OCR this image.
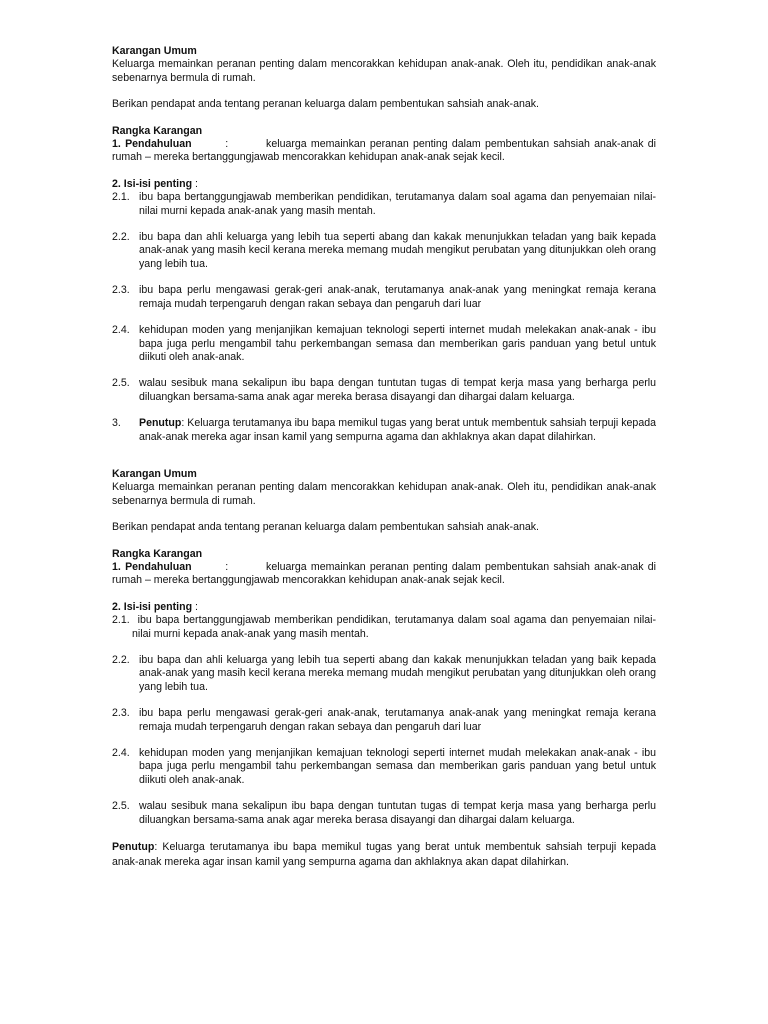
Karangan Umum

Keluarga memainkan peranan penting dalam mencorakkan kehidupan anak-anak. Oleh itu, pendidikan anak-anak sebenarnya bermula di rumah.

Berikan pendapat anda tentang peranan keluarga dalam pembentukan sahsiah anak-anak.

Rangka Karangan

1. Pendahuluan	:	keluarga memainkan peranan penting dalam pembentukan sahsiah anak-anak di rumah – mereka bertanggungjawab mencorakkan kehidupan anak-anak sejak kecil.

2. Isi-isi penting :

2.1. ibu bapa bertanggungjawab memberikan pendidikan, terutamanya dalam soal agama dan penyemaian nilai-nilai murni kepada anak-anak yang masih mentah.
2.2. ibu bapa dan ahli keluarga yang lebih tua seperti abang dan kakak menunjukkan teladan yang baik kepada anak-anak yang masih kecil kerana mereka memang mudah mengikut perubatan yang ditunjukkan oleh orang yang lebih tua.
2.3. ibu bapa perlu mengawasi gerak-geri anak-anak, terutamanya anak-anak yang meningkat remaja kerana remaja mudah terpengaruh dengan rakan sebaya dan pengaruh dari luar
2.4. kehidupan moden yang menjanjikan kemajuan teknologi seperti internet mudah melekakan anak-anak - ibu bapa juga perlu mengambil tahu perkembangan semasa dan memberikan garis panduan yang betul untuk diikuti oleh anak-anak.
2.5. walau sesibuk mana sekalipun ibu bapa dengan tuntutan tugas di tempat kerja masa yang berharga perlu diluangkan bersama-sama anak agar mereka berasa disayangi dan dihargai dalam keluarga.
3.	Penutup: Keluarga terutamanya ibu bapa memikul tugas yang berat untuk membentuk sahsiah terpuji kepada anak-anak mereka agar insan kamil yang sempurna agama dan akhlaknya akan dapat dilahirkan.

Karangan Umum

Keluarga memainkan peranan penting dalam mencorakkan kehidupan anak-anak. Oleh itu, pendidikan anak-anak sebenarnya bermula di rumah.

Berikan pendapat anda tentang peranan keluarga dalam pembentukan sahsiah anak-anak.

Rangka Karangan

1. Pendahuluan	:	keluarga memainkan peranan penting dalam pembentukan sahsiah anak-anak di rumah – mereka bertanggungjawab mencorakkan kehidupan anak-anak sejak kecil.

2. Isi-isi penting :

2.1. ibu bapa bertanggungjawab memberikan pendidikan, terutamanya dalam soal agama dan penyemaian nilai-nilai murni kepada anak-anak yang masih mentah.

2.2. ibu bapa dan ahli keluarga yang lebih tua seperti abang dan kakak menunjukkan teladan yang baik kepada anak-anak yang masih kecil kerana mereka memang mudah mengikut perubatan yang ditunjukkan oleh orang yang lebih tua.
2.3. ibu bapa perlu mengawasi gerak-geri anak-anak, terutamanya anak-anak yang meningkat remaja kerana remaja mudah terpengaruh dengan rakan sebaya dan pengaruh dari luar
2.4. kehidupan moden yang menjanjikan kemajuan teknologi seperti internet mudah melekakan anak-anak - ibu bapa juga perlu mengambil tahu perkembangan semasa dan memberikan garis panduan yang betul untuk diikuti oleh anak-anak.
2.5. walau sesibuk mana sekalipun ibu bapa dengan tuntutan tugas di tempat kerja masa yang berharga perlu diluangkan bersama-sama anak agar mereka berasa disayangi dan dihargai dalam keluarga.

Penutup: Keluarga terutamanya ibu bapa memikul tugas yang berat untuk membentuk sahsiah terpuji kepada anak-anak mereka agar insan kamil yang sempurna agama dan akhlaknya akan dapat dilahirkan.
